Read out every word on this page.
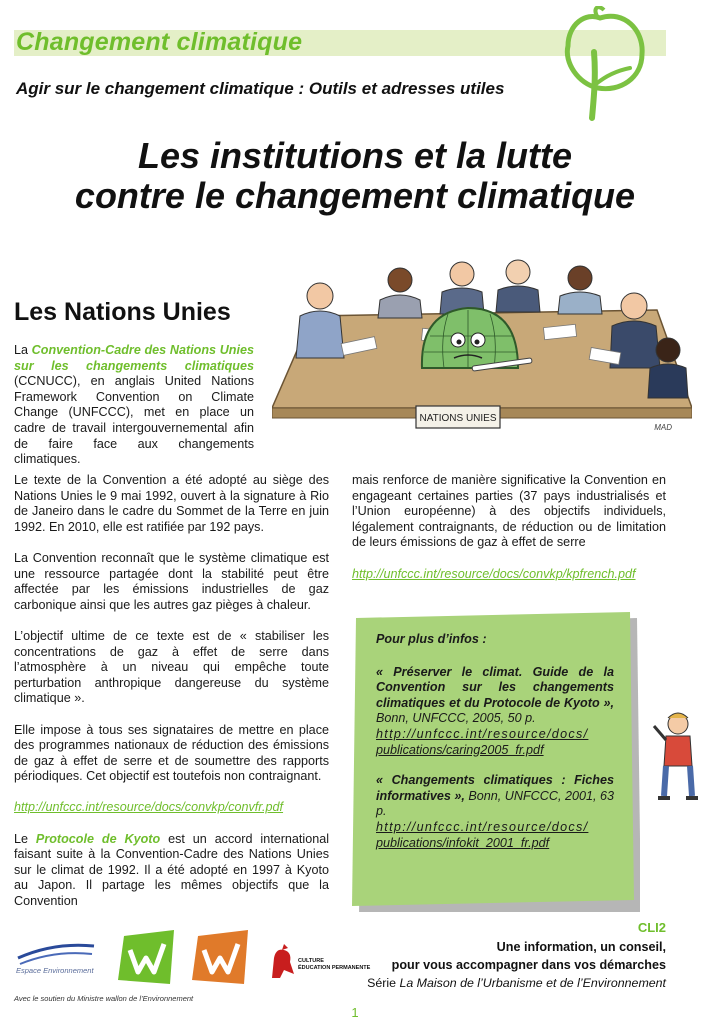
Changement climatique
Agir sur le changement climatique : Outils et adresses utiles
Les institutions et la lutte
contre le changement climatique
NATIONS UNIES
MAD
Les Nations Unies
La Convention-Cadre des Nations Unies sur les changements climatiques (CCNUCC), en anglais United Nations Framework Convention on Climate Change (UNFCCC), met en place un cadre de travail intergouvernemental afin de faire face aux changements climatiques.

Le texte de la Convention a été adopté au siège des Nations Unies le 9 mai 1992, ouvert à la signature à Rio de Janeiro dans le cadre du Sommet de la Terre en juin 1992. En 2010, elle est ratifiée par 192 pays.

La Convention reconnaît que le système climatique est une ressource partagée dont la stabilité peut être affectée par les émissions industrielles de gaz carbonique ainsi que les autres gaz pièges à chaleur.

L’objectif ultime de ce texte est de « stabiliser les concentrations de gaz à effet de serre dans l’atmosphère à un niveau qui empêche toute perturbation anthropique dangereuse du système climatique ».

Elle impose à tous ses signataires de mettre en place des programmes nationaux de réduction des émissions de gaz à effet de serre et de soumettre des rapports périodiques. Cet objectif est toutefois non contraignant.

http://unfccc.int/resource/docs/convkp/convfr.pdf

Le Protocole de Kyoto est un accord international faisant suite à la Convention-Cadre des Nations Unies sur le climat de 1992. Il a été adopté en 1997 à Kyoto au Japon. Il partage les mêmes objectifs que la Convention

mais renforce de manière significative la Convention en engageant certaines parties (37 pays industrialisés et l’Union européenne) à des objectifs individuels, légalement contraignants, de réduction ou de limitation de leurs émissions de gaz à effet de serre

http://unfccc.int/resource/docs/convkp/kpfrench.pdf

Pour plus d’infos :
« Préserver le climat. Guide de la Convention sur les changements climatiques et du Protocole de Kyoto », Bonn, UNFCCC, 2005, 50 p.
http://unfccc.int/resource/docs/
publications/caring2005_fr.pdf
« Changements climatiques : Fiches informatives », Bonn, UNFCCC, 2001, 63 p.
http://unfccc.int/resource/docs/
publications/infokit_2001_fr.pdf
CLI2
Une information, un conseil,
pour vous accompagner dans vos démarches
Série La Maison de l’Urbanisme et de l’Environnement
Espace Environnement
CULTURE
ÉDUCATION PERMANENTE
Avec le soutien du Ministre wallon de l’Environnement
1
